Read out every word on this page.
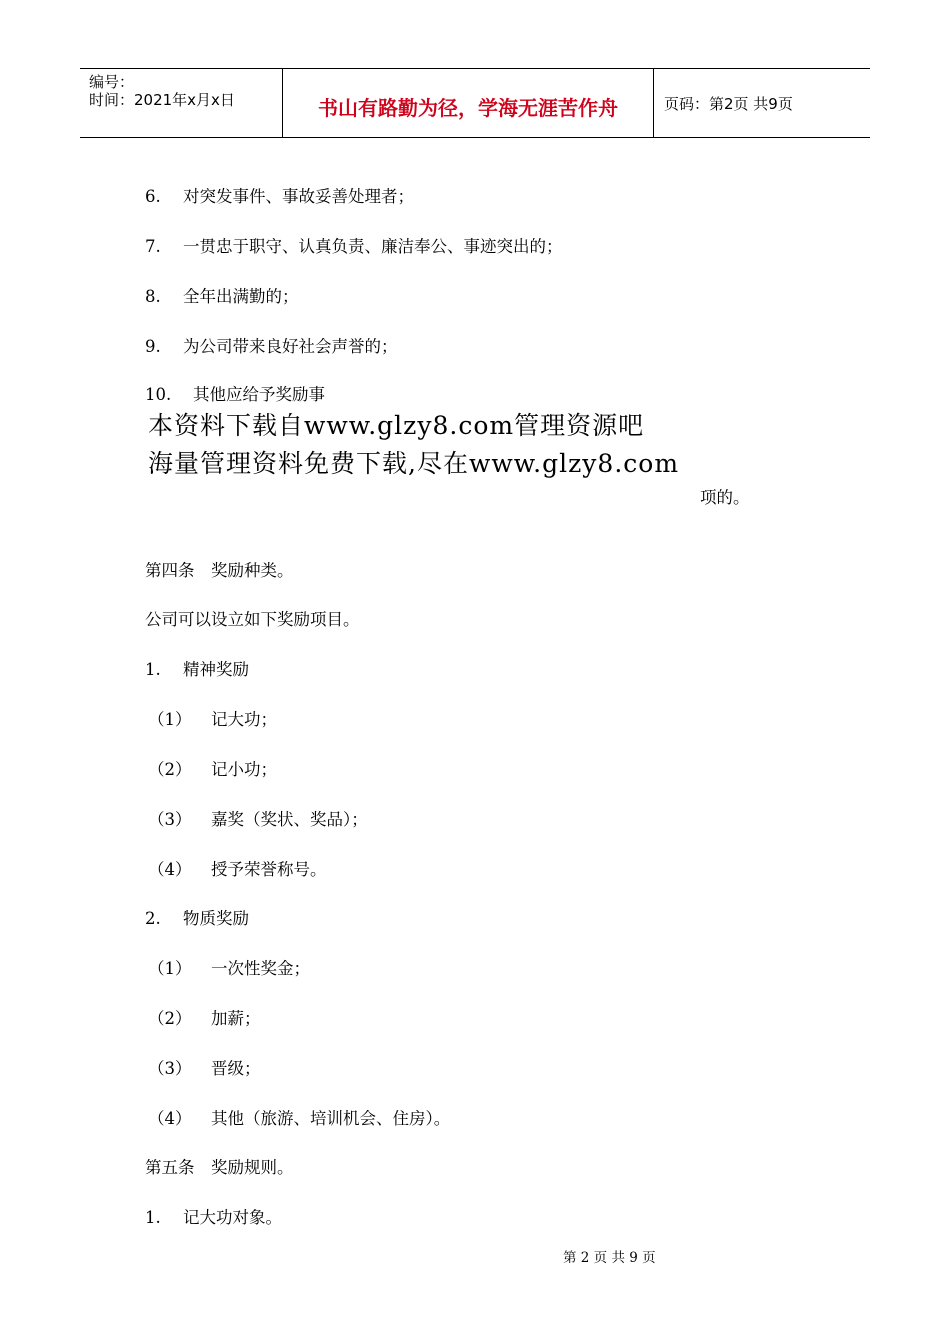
编号：
时间：2021年x月x日	书山有路勤为径，学海无涯苦作舟	页码：第2页 共9页
6. 对突发事件、事故妥善处理者；
7. 一贯忠于职守、认真负责、廉洁奉公、事迹突出的；
8. 全年出满勤的；
9. 为公司带来良好社会声誉的；
10. 其他应给予奖励事
本资料下载自www.glzy8.com管理资源吧
海量管理资料免费下载,尽在www.glzy8.com
项的。
第四条　奖励种类。
公司可以设立如下奖励项目。
1. 精神奖励
（1） 记大功；
（2） 记小功；
（3） 嘉奖（奖状、奖品）；
（4） 授予荣誉称号。
2. 物质奖励
（1） 一次性奖金；
（2） 加薪；
（3） 晋级；
（4） 其他（旅游、培训机会、住房）。
第五条　奖励规则。
1. 记大功对象。
第 2 页 共 9 页
